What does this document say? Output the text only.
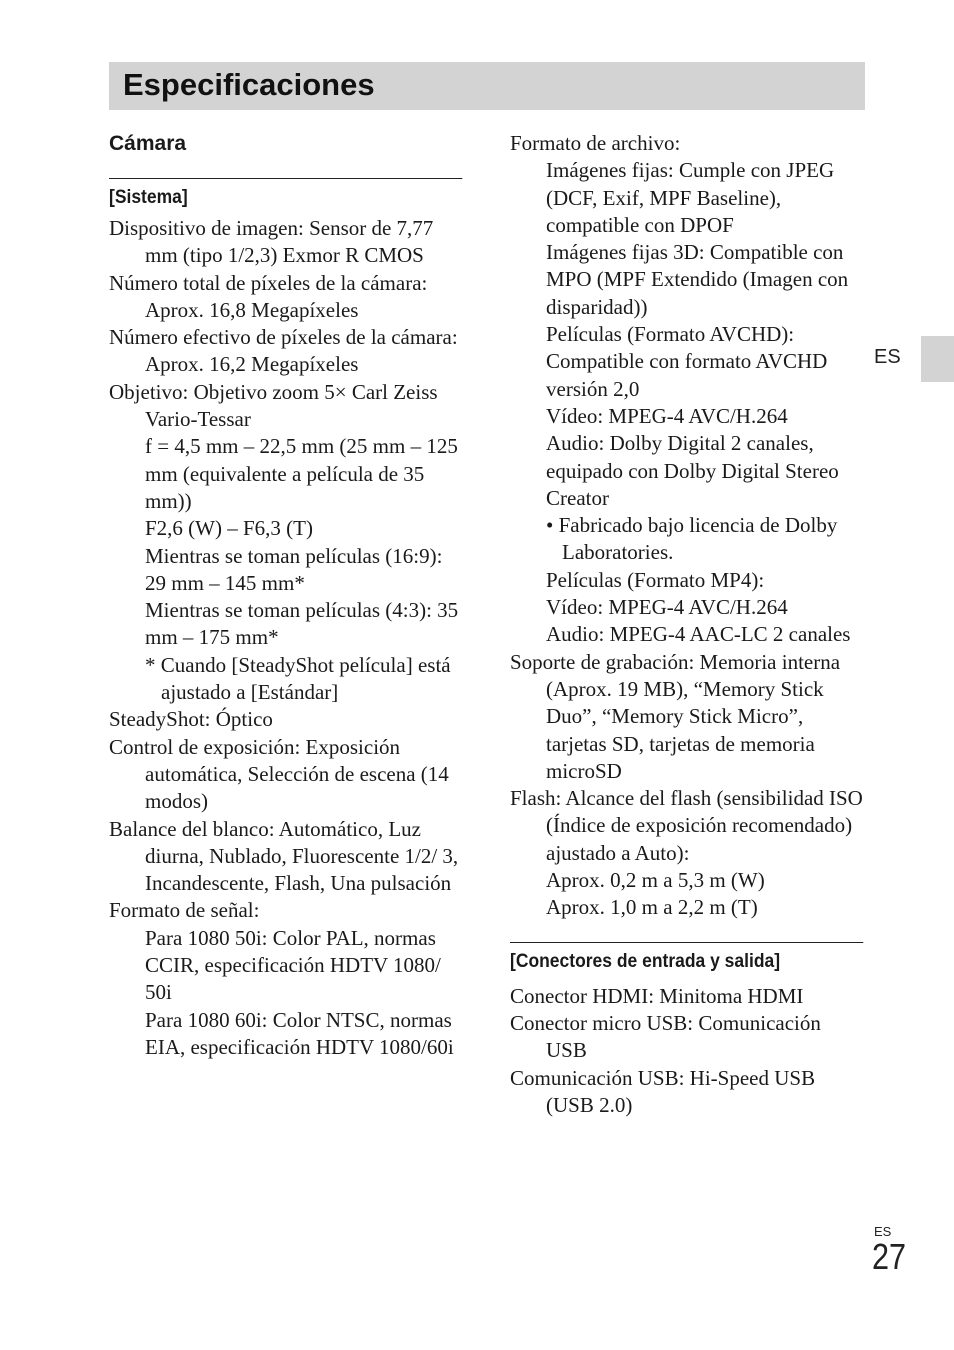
Especificaciones

Cámara

[Sistema]

Dispositivo de imagen: Sensor de 7,77 mm (tipo 1/2,3) Exmor R CMOS
Número total de píxeles de la cámara:
Aprox. 16,8 Megapíxeles
Número efectivo de píxeles de la cámara:
Aprox. 16,2 Megapíxeles
Objetivo: Objetivo zoom 5× Carl Zeiss Vario-Tessar
f = 4,5 mm – 22,5 mm (25 mm – 125 mm (equivalente a película de 35 mm))
F2,6 (W) – F6,3 (T)
Mientras se toman películas (16:9): 29 mm – 145 mm*
Mientras se toman películas (4:3): 35 mm – 175 mm*
* Cuando [SteadyShot película] está ajustado a [Estándar]
SteadyShot: Óptico
Control de exposición: Exposición automática, Selección de escena (14 modos)
Balance del blanco: Automático, Luz diurna, Nublado, Fluorescente 1/2/ 3, Incandescente, Flash, Una pulsación
Formato de señal:
Para 1080 50i: Color PAL, normas CCIR, especificación HDTV 1080/ 50i
Para 1080 60i: Color NTSC, normas EIA, especificación HDTV 1080/60i
Formato de archivo:
Imágenes fijas: Cumple con JPEG (DCF, Exif, MPF Baseline), compatible con DPOF
Imágenes fijas 3D: Compatible con MPO (MPF Extendido (Imagen con disparidad))
Películas (Formato AVCHD): Compatible con formato AVCHD versión 2,0
Vídeo: MPEG-4 AVC/H.264
Audio: Dolby Digital 2 canales, equipado con Dolby Digital Stereo Creator
• Fabricado bajo licencia de Dolby Laboratories.
Películas (Formato MP4):
Vídeo: MPEG-4 AVC/H.264
Audio: MPEG-4 AAC-LC 2 canales
Soporte de grabación: Memoria interna (Aprox. 19 MB), “Memory Stick Duo”, “Memory Stick Micro”, tarjetas SD, tarjetas de memoria microSD
Flash: Alcance del flash (sensibilidad ISO (Índice de exposición recomendado) ajustado a Auto):
Aprox. 0,2 m a 5,3 m (W)
Aprox. 1,0 m a 2,2 m (T)

[Conectores de entrada y salida]

Conector HDMI: Minitoma HDMI
Conector micro USB: Comunicación USB
Comunicación USB: Hi-Speed USB (USB 2.0)
ES
ES
27
